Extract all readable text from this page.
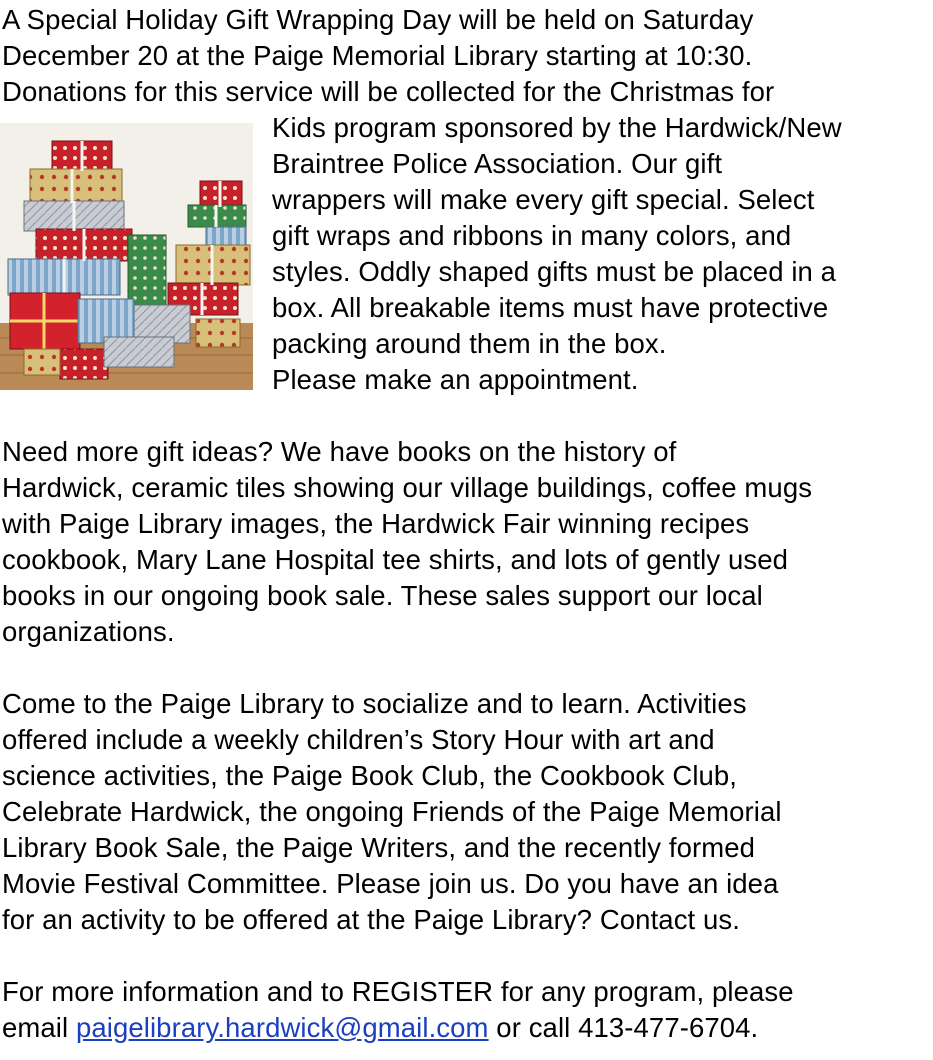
A Special Holiday Gift Wrapping Day will be held on Saturday
December 20 at the Paige Memorial Library starting at 10:30.
Donations for this service will be collected for the Christmas for
Kids program sponsored by the Hardwick/New
Braintree Police Association. Our gift
wrappers will make every gift special. Select
gift wraps and ribbons in many colors, and
styles. Oddly shaped gifts must be placed in a
box. All breakable items must have protective
packing around them in the box.
Please make an appointment.
Need more gift ideas? We have books on the history of
Hardwick, ceramic tiles showing our village buildings, coffee mugs
with Paige Library images, the Hardwick Fair winning recipes
cookbook, Mary Lane Hospital tee shirts, and lots of gently used
books in our ongoing book sale. These sales support our local
organizations.
Come to the Paige Library to socialize and to learn. Activities
offered include a weekly children’s Story Hour with art and
science activities, the Paige Book Club, the Cookbook Club,
Celebrate Hardwick, the ongoing Friends of the Paige Memorial
Library Book Sale, the Paige Writers, and the recently formed
Movie Festival Committee. Please join us. Do you have an idea
for an activity to be offered at the Paige Library? Contact us.
For more information and to REGISTER for any program, please
email paigelibrary.hardwick@gmail.com or call 413-477-6704.
